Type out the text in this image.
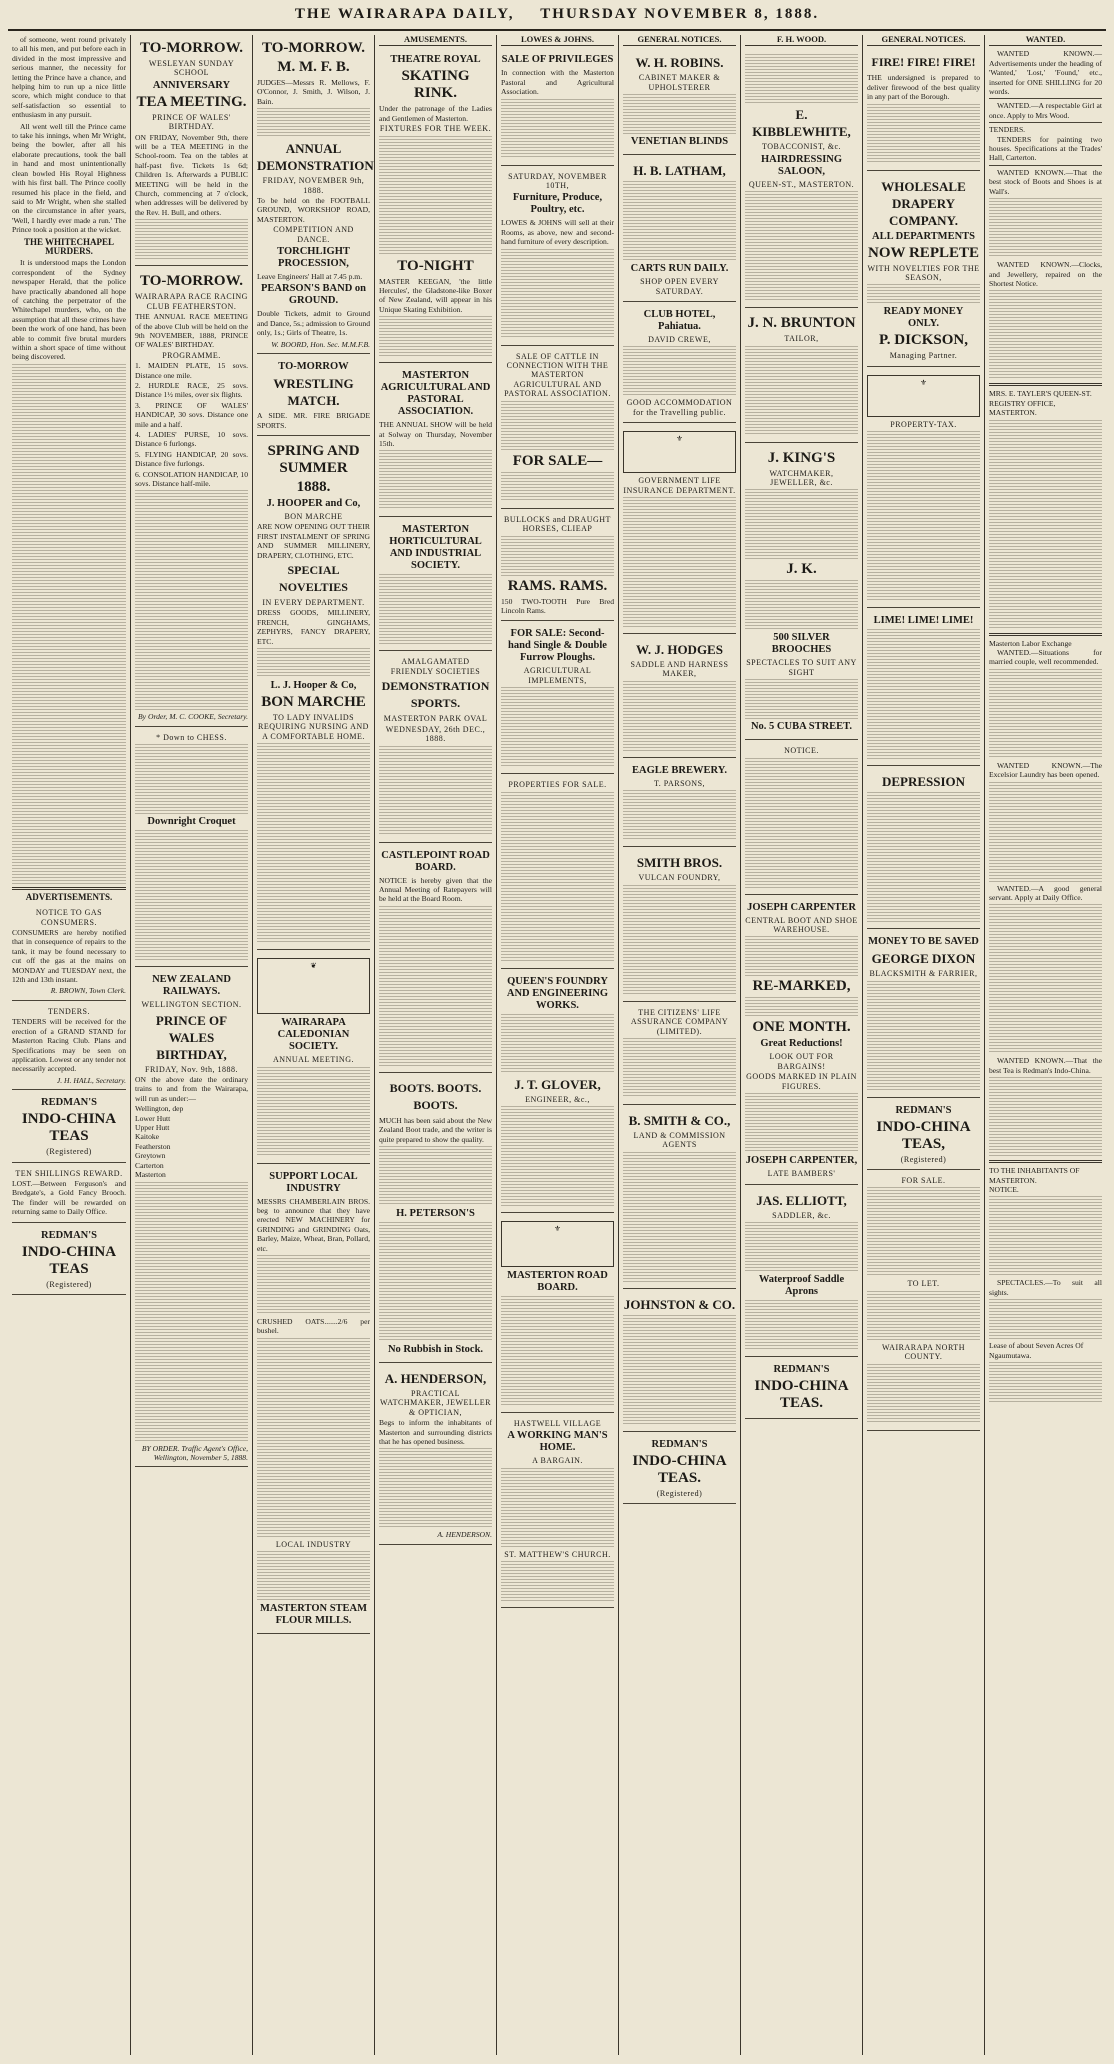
THE WAIRARAPA DAILY, THURSDAY NOVEMBER 8, 1888.

of someone, went round privately to all his men, and put before each in divided in the most impressive and serious manner, the necessity for letting the Prince have a chance, and helping him to run up a nice little score, which might conduce to that self-satisfaction so essential to enthusiasm in any pursuit.

All went well till the Prince came to take his innings, when Mr Wright, being the bowler, after all his elaborate precautions, took the ball in hand and most unintentionally clean bowled His Royal Highness with his first ball. The Prince coolly resumed his place in the field, and said to Mr Wright, when she stalled on the circumstance in after years, 'Well, I hardly ever made a run.' The Prince took a position at the wicket.

THE WHITECHAPEL MURDERS.

It is understood maps the London correspondent of the Sydney newspaper Herald, that the police have practically abandoned all hope of catching the perpetrator of the Whitechapel murders, who, on the assumption that all these crimes have been the work of one hand, has been able to commit five brutal murders within a short space of time without being discovered.

ADVERTISEMENTS.
NOTICE TO GAS CONSUMERS.

CONSUMERS are hereby notified that in consequence of repairs to the tank, it may be found necessary to cut off the gas at the mains on MONDAY and TUESDAY next, the 12th and 13th instant.

R. BROWN, Town Clerk.
TENDERS.

TENDERS will be received for the erection of a GRAND STAND for Masterton Racing Club. Plans and Specifications may be seen on application. Lowest or any tender not necessarily accepted.

J. H. HALL, Secretary.
REDMAN'S
INDO-CHINA TEAS
(Registered)
TEN SHILLINGS REWARD.

LOST.—Between Ferguson's and Bredgate's, a Gold Fancy Brooch. The finder will be rewarded on returning same to Daily Office.

REDMAN'S
INDO-CHINA TEAS
(Registered)
TO-MORROW.
WESLEYAN SUNDAY SCHOOL
ANNIVERSARY
TEA MEETING.
PRINCE OF WALES' BIRTHDAY.

ON FRIDAY, November 9th, there will be a TEA MEETING in the School-room. Tea on the tables at half-past five. Tickets 1s 6d; Children 1s. Afterwards a PUBLIC MEETING will be held in the Church, commencing at 7 o'clock, when addresses will be delivered by the Rev. H. Bull, and others.

TO-MORROW.
WAIRARAPA RACE RACING CLUB FEATHERSTON.

THE ANNUAL RACE MEETING of the above Club will be held on the 9th NOVEMBER, 1888, PRINCE OF WALES' BIRTHDAY.

PROGRAMME.

1. MAIDEN PLATE, 15 sovs. Distance one mile.

2. HURDLE RACE, 25 sovs. Distance 1½ miles, over six flights.

3. PRINCE OF WALES' HANDICAP, 30 sovs. Distance one mile and a half.

4. LADIES' PURSE, 10 sovs. Distance 6 furlongs.

5. FLYING HANDICAP, 20 sovs. Distance five furlongs.

6. CONSOLATION HANDICAP, 10 sovs. Distance half-mile.

By Order, M. C. COOKE, Secretary.
* Down to CHESS.
Downright Croquet
NEW ZEALAND RAILWAYS.
WELLINGTON SECTION.
PRINCE OF WALES BIRTHDAY,
FRIDAY, Nov. 9th, 1888.

ON the above date the ordinary trains to and from the Wairarapa, will run as under:—

Wellington, dep
Lower Hutt
Upper Hutt
Kaitoke
Featherston
Greytown
Carterton
Masterton
BY ORDER. Traffic Agent's Office, Wellington, November 5, 1888.
TO-MORROW.
M. M. F. B.

JUDGES—Messrs R. Mellows, F. O'Connor, J. Smith, J. Wilson, J. Bain.

ANNUAL DEMONSTRATION
FRIDAY, NOVEMBER 9th, 1888.

To be held on the FOOTBALL GROUND, WORKSHOP ROAD, MASTERTON.

COMPETITION AND DANCE.
TORCHLIGHT PROCESSION,

Leave Engineers' Hall at 7.45 p.m.

PEARSON'S BAND on GROUND.

Double Tickets, admit to Ground and Dance, 5s.; admission to Ground only, 1s.; Girls of Theatre, 1s.

W. BOORD, Hon. Sec. M.M.F.B.
TO-MORROW
WRESTLING MATCH.

A SIDE. MR. FIRE BRIGADE SPORTS.

SPRING AND SUMMER
1888.
J. HOOPER and Co,
BON MARCHE

ARE NOW OPENING OUT THEIR FIRST INSTALMENT OF SPRING AND SUMMER MILLINERY, DRAPERY, CLOTHING, ETC.

SPECIAL NOVELTIES
IN EVERY DEPARTMENT.

DRESS GOODS, MILLINERY, FRENCH, GINGHAMS, ZEPHYRS, FANCY DRAPERY, ETC.

L. J. Hooper & Co,
BON MARCHE
TO LADY INVALIDS REQUIRING NURSING AND A COMFORTABLE HOME.
❦
WAIRARAPA CALEDONIAN SOCIETY.
ANNUAL MEETING.
SUPPORT LOCAL INDUSTRY

MESSRS CHAMBERLAIN BROS. beg to announce that they have erected NEW MACHINERY for GRINDING and GRINDING Oats, Barley, Maize, Wheat, Bran, Pollard, etc.

CRUSHED OATS.......2/6 per bushel.

LOCAL INDUSTRY
MASTERTON STEAM FLOUR MILLS.
AMUSEMENTS.
THEATRE ROYAL
SKATING RINK.

Under the patronage of the Ladies and Gentlemen of Masterton.

FIXTURES FOR THE WEEK.
TO-NIGHT

MASTER KEEGAN, 'the little Hercules', the Gladstone-like Boxer of New Zealand, will appear in his Unique Skating Exhibition.

MASTERTON AGRICULTURAL AND PASTORAL ASSOCIATION.

THE ANNUAL SHOW will be held at Solway on Thursday, November 15th.

MASTERTON HORTICULTURAL AND INDUSTRIAL SOCIETY.
AMALGAMATED FRIENDLY SOCIETIES
DEMONSTRATION SPORTS.
MASTERTON PARK OVAL
WEDNESDAY, 26th DEC., 1888.
CASTLEPOINT ROAD BOARD.

NOTICE is hereby given that the Annual Meeting of Ratepayers will be held at the Board Room.

BOOTS. BOOTS. BOOTS.

MUCH has been said about the New Zealand Boot trade, and the writer is quite prepared to show the quality.

H. PETERSON'S
No Rubbish in Stock.
A. HENDERSON,
PRACTICAL WATCHMAKER, JEWELLER & OPTICIAN,

Begs to inform the inhabitants of Masterton and surrounding districts that he has opened business.

A. HENDERSON.
LOWES & JOHNS.
SALE OF PRIVILEGES

In connection with the Masterton Pastoral and Agricultural Association.

SATURDAY, NOVEMBER 10TH,
Furniture, Produce, Poultry, etc.

LOWES & JOHNS will sell at their Rooms, as above, new and second-hand furniture of every description.

SALE OF CATTLE IN CONNECTION WITH THE MASTERTON AGRICULTURAL AND PASTORAL ASSOCIATION.
FOR SALE—
BULLOCKS and DRAUGHT HORSES, CLIEAP
RAMS. RAMS.

150 TWO-TOOTH Pure Bred Lincoln Rams.

FOR SALE: Second-hand Single & Double Furrow Ploughs.
AGRICULTURAL IMPLEMENTS,
PROPERTIES FOR SALE.
QUEEN'S FOUNDRY AND ENGINEERING WORKS.
J. T. GLOVER,
ENGINEER, &c.,
⚜
MASTERTON ROAD BOARD.
HASTWELL VILLAGE
A WORKING MAN'S HOME.
A BARGAIN.
ST. MATTHEW'S CHURCH.
GENERAL NOTICES.
W. H. ROBINS.
CABINET MAKER & UPHOLSTERER
VENETIAN BLINDS
H. B. LATHAM,
CARTS RUN DAILY.
SHOP OPEN EVERY SATURDAY.
CLUB HOTEL, Pahiatua.
DAVID CREWE,
GOOD ACCOMMODATION for the Travelling public.
⚜
GOVERNMENT LIFE INSURANCE DEPARTMENT.
W. J. HODGES
SADDLE AND HARNESS MAKER,
EAGLE BREWERY.
T. PARSONS,
SMITH BROS.
VULCAN FOUNDRY,
THE CITIZENS' LIFE ASSURANCE COMPANY (LIMITED).
B. SMITH & CO.,
LAND & COMMISSION AGENTS
JOHNSTON & CO.
REDMAN'S
INDO-CHINA TEAS.
(Registered)
F. H. WOOD.
E. KIBBLEWHITE,
TOBACCONIST, &c.
HAIRDRESSING SALOON,
QUEEN-ST., MASTERTON.
J. N. BRUNTON
TAILOR,
J. KING'S
WATCHMAKER, JEWELLER, &c.
J. K.
500 SILVER BROOCHES
SPECTACLES TO SUIT ANY SIGHT
No. 5 CUBA STREET.
NOTICE.
JOSEPH CARPENTER
CENTRAL BOOT AND SHOE WAREHOUSE.
RE-MARKED,
ONE MONTH.
Great Reductions!
LOOK OUT FOR BARGAINS!
GOODS MARKED IN PLAIN FIGURES.
JOSEPH CARPENTER,
LATE BAMBERS'
JAS. ELLIOTT,
SADDLER, &c.
Waterproof Saddle Aprons
REDMAN'S
INDO-CHINA TEAS.
GENERAL NOTICES.
FIRE! FIRE! FIRE!

THE undersigned is prepared to deliver firewood of the best quality in any part of the Borough.

WHOLESALE DRAPERY COMPANY.
ALL DEPARTMENTS
NOW REPLETE
WITH NOVELTIES FOR THE SEASON,
READY MONEY ONLY.
P. DICKSON,
Managing Partner.
⚜
PROPERTY-TAX.
LIME! LIME! LIME!
DEPRESSION
MONEY TO BE SAVED
GEORGE DIXON
BLACKSMITH & FARRIER,
REDMAN'S
INDO-CHINA TEAS,
(Registered)
FOR SALE.
TO LET.
WAIRARAPA NORTH COUNTY.
WANTED.

WANTED KNOWN.—Advertisements under the heading of 'Wanted,' 'Lost,' 'Found,' etc., inserted for ONE SHILLING for 20 words.

WANTED.—A respectable Girl at once. Apply to Mrs Wood.

TENDERS.

TENDERS for painting two houses. Specifications at the Trades' Hall, Carterton.

WANTED KNOWN.—That the best stock of Boots and Shoes is at Wall's.

WANTED KNOWN.—Clocks, and Jewellery, repaired on the Shortest Notice.

MRS. E. TAYLER'S QUEEN-ST. REGISTRY OFFICE, MASTERTON.
Masterton Labor Exchange

WANTED.—Situations for married couple, well recommended.

WANTED KNOWN.—The Excelsior Laundry has been opened.

WANTED.—A good general servant. Apply at Daily Office.

WANTED KNOWN.—That the best Tea is Redman's Indo-China.

TO THE INHABITANTS OF MASTERTON.
NOTICE.

SPECTACLES.—To suit all sights.

Lease of about Seven Acres Of Ngaumutawa.
